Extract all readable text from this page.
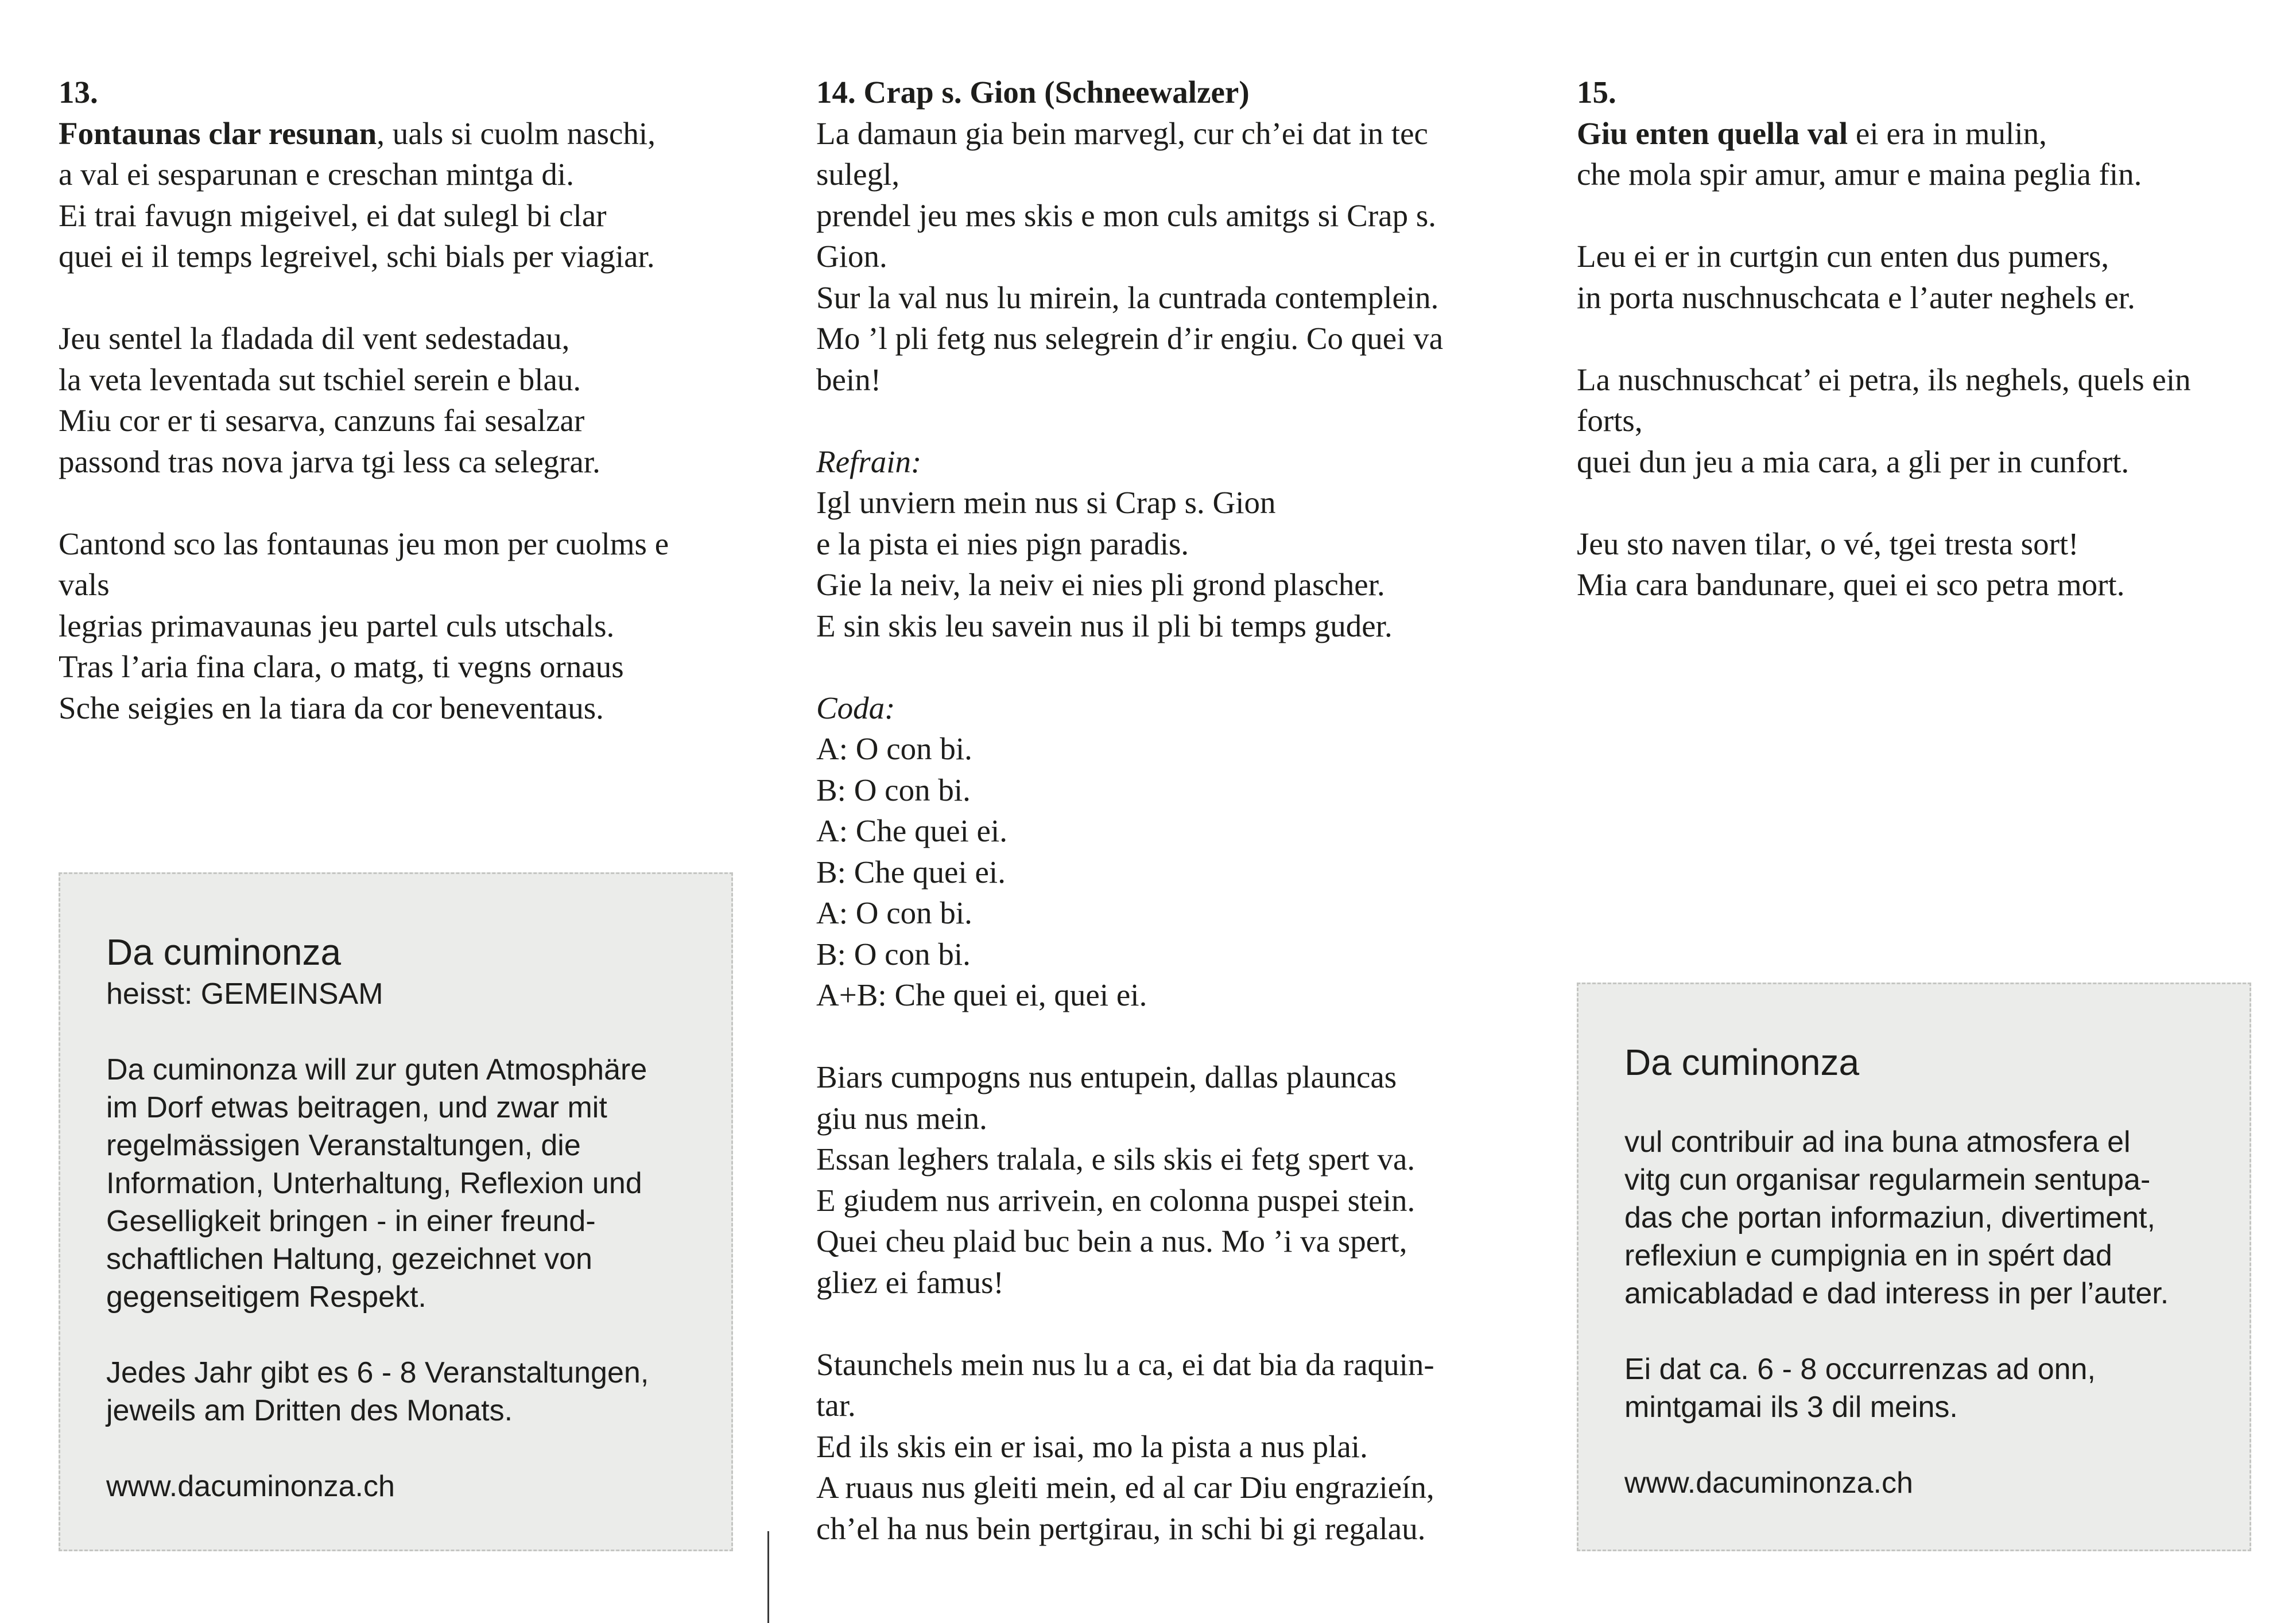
13.
Fontaunas clar resunan, uals si cuolm naschi,
a val ei sesparunan e creschan mintga di.
Ei trai favugn migeivel, ei dat sulegl bi clar
quei ei il temps legreivel, schi bials per viagiar.
Jeu sentel la fladada dil vent sedestadau,
la veta leventada sut tschiel serein e blau.
Miu cor er ti sesarva, canzuns fai sesalzar
passond tras nova jarva tgi less ca selegrar.
Cantond sco las fontaunas jeu mon per cuolms e
vals
legrias primavaunas jeu partel culs utschals.
Tras l’aria fina clara, o matg, ti vegns ornaus
Sche seigies en la tiara da cor beneventaus.
14. Crap s. Gion (Schneewalzer)
La damaun gia bein marvegl, cur ch’ei dat in tec
sulegl,
prendel jeu mes skis e mon culs amitgs si Crap s.
Gion.
Sur la val nus lu mirein, la cuntrada contemplein.
Mo ’l pli fetg nus selegrein d’ir engiu. Co quei va
bein!
Refrain:
Igl unviern mein nus si Crap s. Gion
e la pista ei nies pign paradis.
Gie la neiv, la neiv ei nies pli grond plascher.
E sin skis leu savein nus il pli bi temps guder.
Coda:
A: O con bi.
B: O con bi.
A: Che quei ei.
B: Che quei ei.
A: O con bi.
B: O con bi.
A+B: Che quei ei, quei ei.
Biars cumpogns nus entupein, dallas plauncas
giu nus mein.
Essan leghers tralala, e sils skis ei fetg spert va.
E giudem nus arrivein, en colonna puspei stein.
Quei cheu plaid buc bein a nus. Mo ’i va spert,
gliez ei famus!
Staunchels mein nus lu a ca, ei dat bia da raquin-
tar.
Ed ils skis ein er isai, mo la pista a nus plai.
A ruaus nus gleiti mein, ed al car Diu engrazieín,
ch’el ha nus bein pertgirau, in schi bi gi regalau.
15.
Giu enten quella val ei era in mulin,
che mola spir amur, amur e maina peglia fin.
Leu ei er in curtgin cun enten dus pumers,
in porta nuschnuschcata e l’auter neghels er.
La nuschnuschcat’ ei petra, ils neghels, quels ein
forts,
quei dun jeu a mia cara, a gli per in cunfort.
Jeu sto naven tilar, o vé, tgei tresta sort!
Mia cara bandunare, quei ei sco petra mort.
Da cuminonza
heisst: GEMEINSAM
Da cuminonza will zur guten Atmosphäre
im Dorf etwas beitragen, und zwar mit
regelmässigen Veranstaltungen, die
Information, Unterhaltung, Reflexion und
Geselligkeit bringen - in einer freund-
schaftlichen Haltung, gezeichnet von
gegenseitigem Respekt.
Jedes Jahr gibt es 6 - 8 Veranstaltungen,
jeweils am Dritten des Monats.
www.dacuminonza.ch
Da cuminonza
vul contribuir ad ina buna atmosfera el
vitg cun organisar regularmein sentupa-
das che portan informaziun, divertiment,
reflexiun e cumpignia en in spért dad
amicabladad e dad interess in per l’auter.
Ei dat ca. 6 - 8 occurrenzas ad onn,
mintgamai ils 3 dil meins.
www.dacuminonza.ch
